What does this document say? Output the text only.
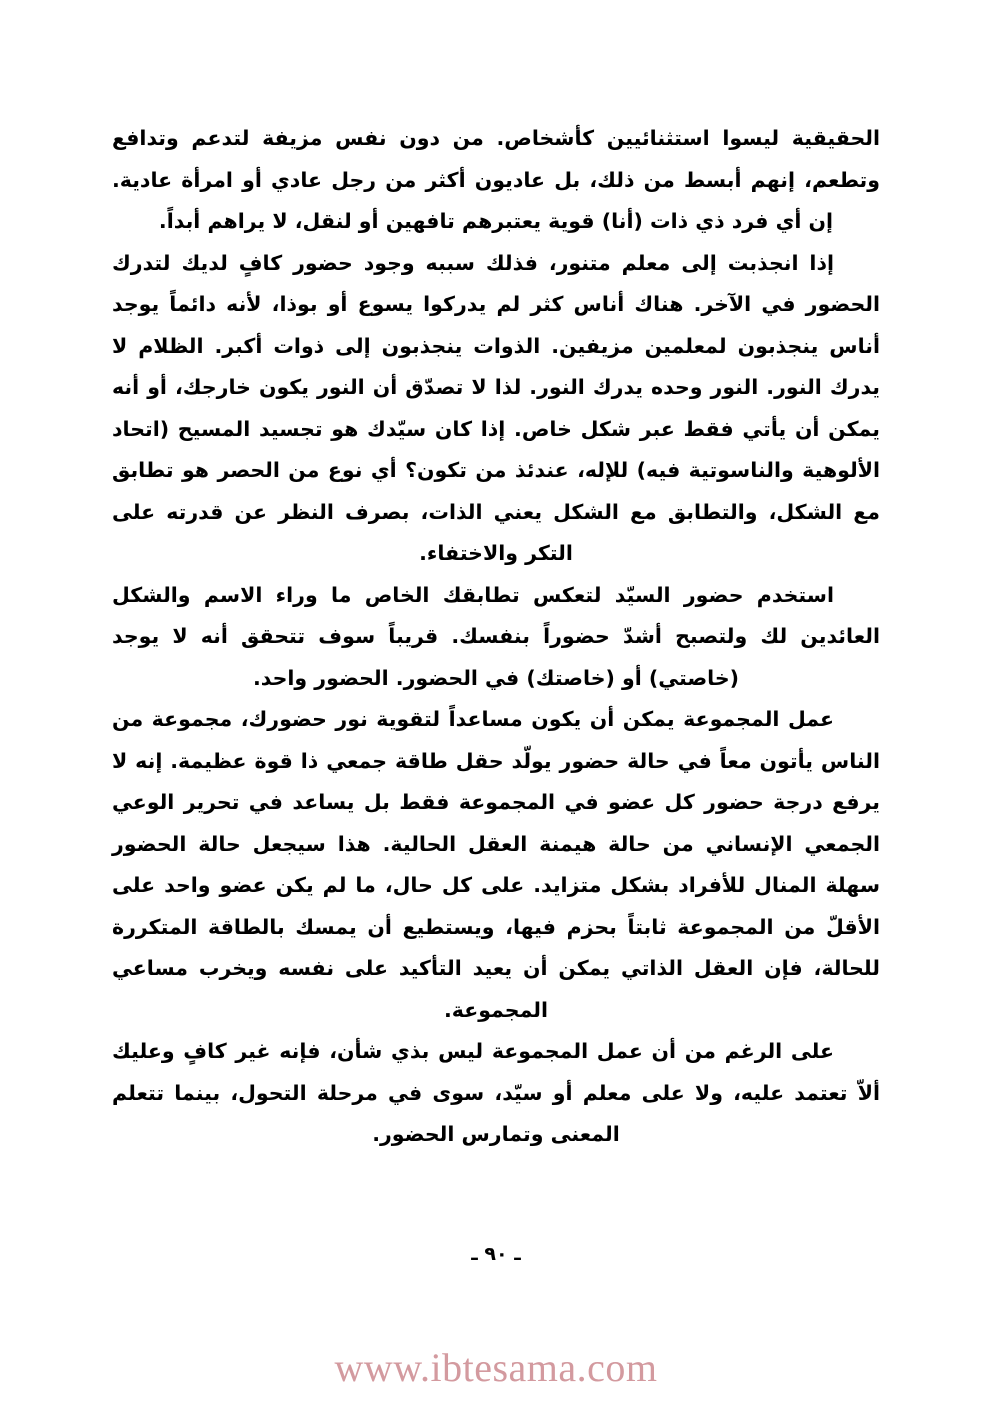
الحقيقية ليسوا استثنائيين كأشخاص. من دون نفس مزيفة لتدعم وتدافع وتطعم، إنهم أبسط من ذلك، بل عاديون أكثر من رجل عادي أو امرأة عادية. إن أي فرد ذي ذات (أنا) قوية يعتبرهم تافهين أو لنقل، لا يراهم أبداً.

إذا انجذبت إلى معلم متنور، فذلك سببه وجود حضور كافٍ لديك لتدرك الحضور في الآخر. هناك أناس كثر لم يدركوا يسوع أو بوذا، لأنه دائماً يوجد أناس ينجذبون لمعلمين مزيفين. الذوات ينجذبون إلى ذوات أكبر. الظلام لا يدرك النور. النور وحده يدرك النور. لذا لا تصدّق أن النور يكون خارجك، أو أنه يمكن أن يأتي فقط عبر شكل خاص. إذا كان سيّدك هو تجسيد المسيح (اتحاد الألوهية والناسوتية فيه) للإله، عندئذ من تكون؟ أي نوع من الحصر هو تطابق مع الشكل، والتطابق مع الشكل يعني الذات، بصرف النظر عن قدرته على التكر والاختفاء.

استخدم حضور السيّد لتعكس تطابقك الخاص ما وراء الاسم والشكل العائدين لك ولتصبح أشدّ حضوراً بنفسك. قريباً سوف تتحقق أنه لا يوجد (خاصتي) أو (خاصتك) في الحضور. الحضور واحد.

عمل المجموعة يمكن أن يكون مساعداً لتقوية نور حضورك، مجموعة من الناس يأتون معاً في حالة حضور يولّد حقل طاقة جمعي ذا قوة عظيمة. إنه لا يرفع درجة حضور كل عضو في المجموعة فقط بل يساعد في تحرير الوعي الجمعي الإنساني من حالة هيمنة العقل الحالية. هذا سيجعل حالة الحضور سهلة المنال للأفراد بشكل متزايد. على كل حال، ما لم يكن عضو واحد على الأقلّ من المجموعة ثابتاً بحزم فيها، ويستطيع أن يمسك بالطاقة المتكررة للحالة، فإن العقل الذاتي يمكن أن يعيد التأكيد على نفسه ويخرب مساعي المجموعة.

على الرغم من أن عمل المجموعة ليس بذي شأن، فإنه غير كافٍ وعليك ألاّ تعتمد عليه، ولا على معلم أو سيّد، سوى في مرحلة التحول، بينما تتعلم المعنى وتمارس الحضور.

ـ ٩٠ ـ
www.ibtesama.com
